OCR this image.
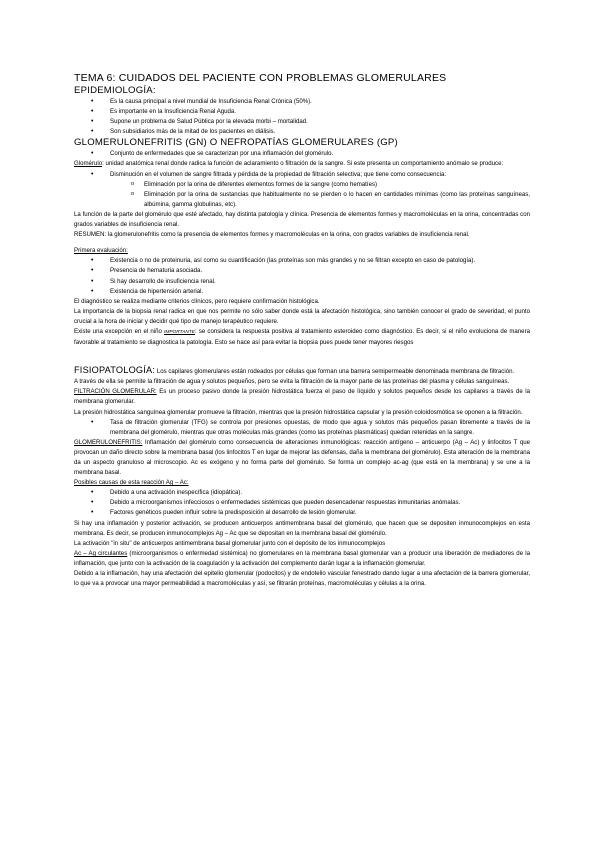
TEMA 6: CUIDADOS DEL PACIENTE CON PROBLEMAS GLOMERULARES

EPIDEMIOLOGÍA:

• Es la causa principal a nivel mundial de Insuficiencia Renal Crónica (50%).
• Es importante en la Insuficiencia Renal Aguda.
• Supone un problema de Salud Pública por la elevada morbi – mortalidad.
• Son subsidiarios más de la mitad de los pacientes en diálisis.

GLOMERULONEFRITIS (GN) O NEFROPATÍAS GLOMERULARES (GP)

• Conjunto de enfermedades que se caracterizan por una inflamación del glomérulo.

Glomérulo: unidad anatómica renal donde radica la función de aclaramiento o filtración de la sangre. Si este presenta un comportamiento anómalo se produce:

• Disminución en el volumen de sangre filtrada y pérdida de la propiedad de filtración selectiva; que tiene como consecuencia:
o Eliminación por la orina de diferentes elementos formes de la sangre (como hematíes)
o Eliminación por la orina de sustancias que habitualmente no se pierden o lo hacen en cantidades mínimas (como las proteínas sanguíneas, albúmina, gamma globulinas, etc).

La función de la parte del glomérulo que esté afectado, hay distinta patología y clínica. Presencia de elementos formes y macromoléculas en la orina, concentradas con grados variables de insuficiencia renal.

RESUMEN: la glomerulonefritis como la presencia de elementos formes y macromoléculas en la orina, con grados variables de insuficiencia renal.

Primera evaluación:

• Existencia o no de proteinuria, así como su cuantificación (las proteínas son más grandes y no se filtran excepto en caso de patología).
• Presencia de hematuria asociada.
• Si hay desarrollo de insuficiencia renal.
• Existencia de hipertensión arterial.

El diagnóstico se realiza mediante criterios clínicos, pero requiere confirmación histológica.

La importancia de la biopsia renal radica en que nos permite no sólo saber donde está la afectación histológica, sino también conocer el grado de severidad, el punto crucial a la hora de iniciar y decidir qué tipo de manejo terapéutico requiere.

Existe una excepción en el niño IMPORTANTE: se considera la respuesta positiva al tratamiento esteroideo como diagnóstico. Es decir, si el niño evoluciona de manera favorable al tratamiento se diagnostica la patología. Esto se hace así para evitar la biopsia pues puede tener mayores riesgos

FISIOPATOLOGÍA: Los capilares glomerulares están rodeados por células que forman una barrera semipermeable denominada membrana de filtración.

A través de ella se permite la filtración de agua y solutos pequeños, pero se evita la filtración de la mayor parte de las proteínas del plasma y células sanguíneas.

FILTRACIÓN GLOMERULAR: Es un proceso pasivo donde la presión hidrostática fuerza el paso de líquido y solutos pequeños desde los capilares a través de la membrana glomerular.

La presión hidrostática sanguínea glomerular promueve la filtración, mientras que la presión hidrostática capsular y la presión coloidosmótica se oponen a la filtración.

• Tasa de filtración glomerular (TFG) se controla por presiones opuestas, de modo que agua y solutos más pequeños pasan libremente a través de la membrana del glomérulo, mientras que otras moléculas más grandes (como las proteínas plasmáticas) quedan retenidas en la sangre.

GLOMERULONEFRITIS: Inflamación del glomérulo como consecuencia de alteraciones inmunológicas: reacción antígeno – anticuerpo (Ag – Ac) y linfocitos T que provocan un daño directo sobre la membrana basal (los linfocitos T en lugar de mejorar las defensas, daña la membrana del glomérulo). Esta alteración de la membrana da un aspecto granuloso al microscopio. Ac es exógeno y no forma parte del glomérulo. Se forma un complejo ac-ag (que está en la membrana) y se une a la membrana basal.

Posibles causas de esta reacción Ag – Ac:

• Debido a una activación inespecífica (idiopática).
• Debido a microorganismos infecciosos o enfermedades sistémicas que pueden desencadenar respuestas inmunitarias anómalas.
• Factores genéticos pueden influir sobre la predisposición al desarrollo de lesión glomerular.

Si hay una inflamación y posterior activación, se producen anticuerpos antimembrana basal del glomérulo, que hacen que se depositen inmunocomplejos en esta membrana. Es decir, se producen inmunocomplejos Ag – Ac que se depositan en la membrana basal del glomérulo.

La activación "in situ" de anticuerpos antimembrana basal glomerular junto con el depósito de los inmunocomplejos

Ac – Ag circulantes (microorganismos o enfermedad sistémica) no glomerulares en la membrana basal glomerular van a producir una liberación de mediadores de la inflamación, que junto con la activación de la coagulación y la activación del complemento darán lugar a la inflamación glomerular.

Debido a la inflamación, hay una afectación del epitelio glomerular (podocitos) y de endotelio vascular fenestrado dando lugar a una afectación de la barrera glomerular, lo que va a provocar una mayor permeabilidad a macromoléculas y así, se filtrarán proteínas, macromoléculas y células a la orina.
